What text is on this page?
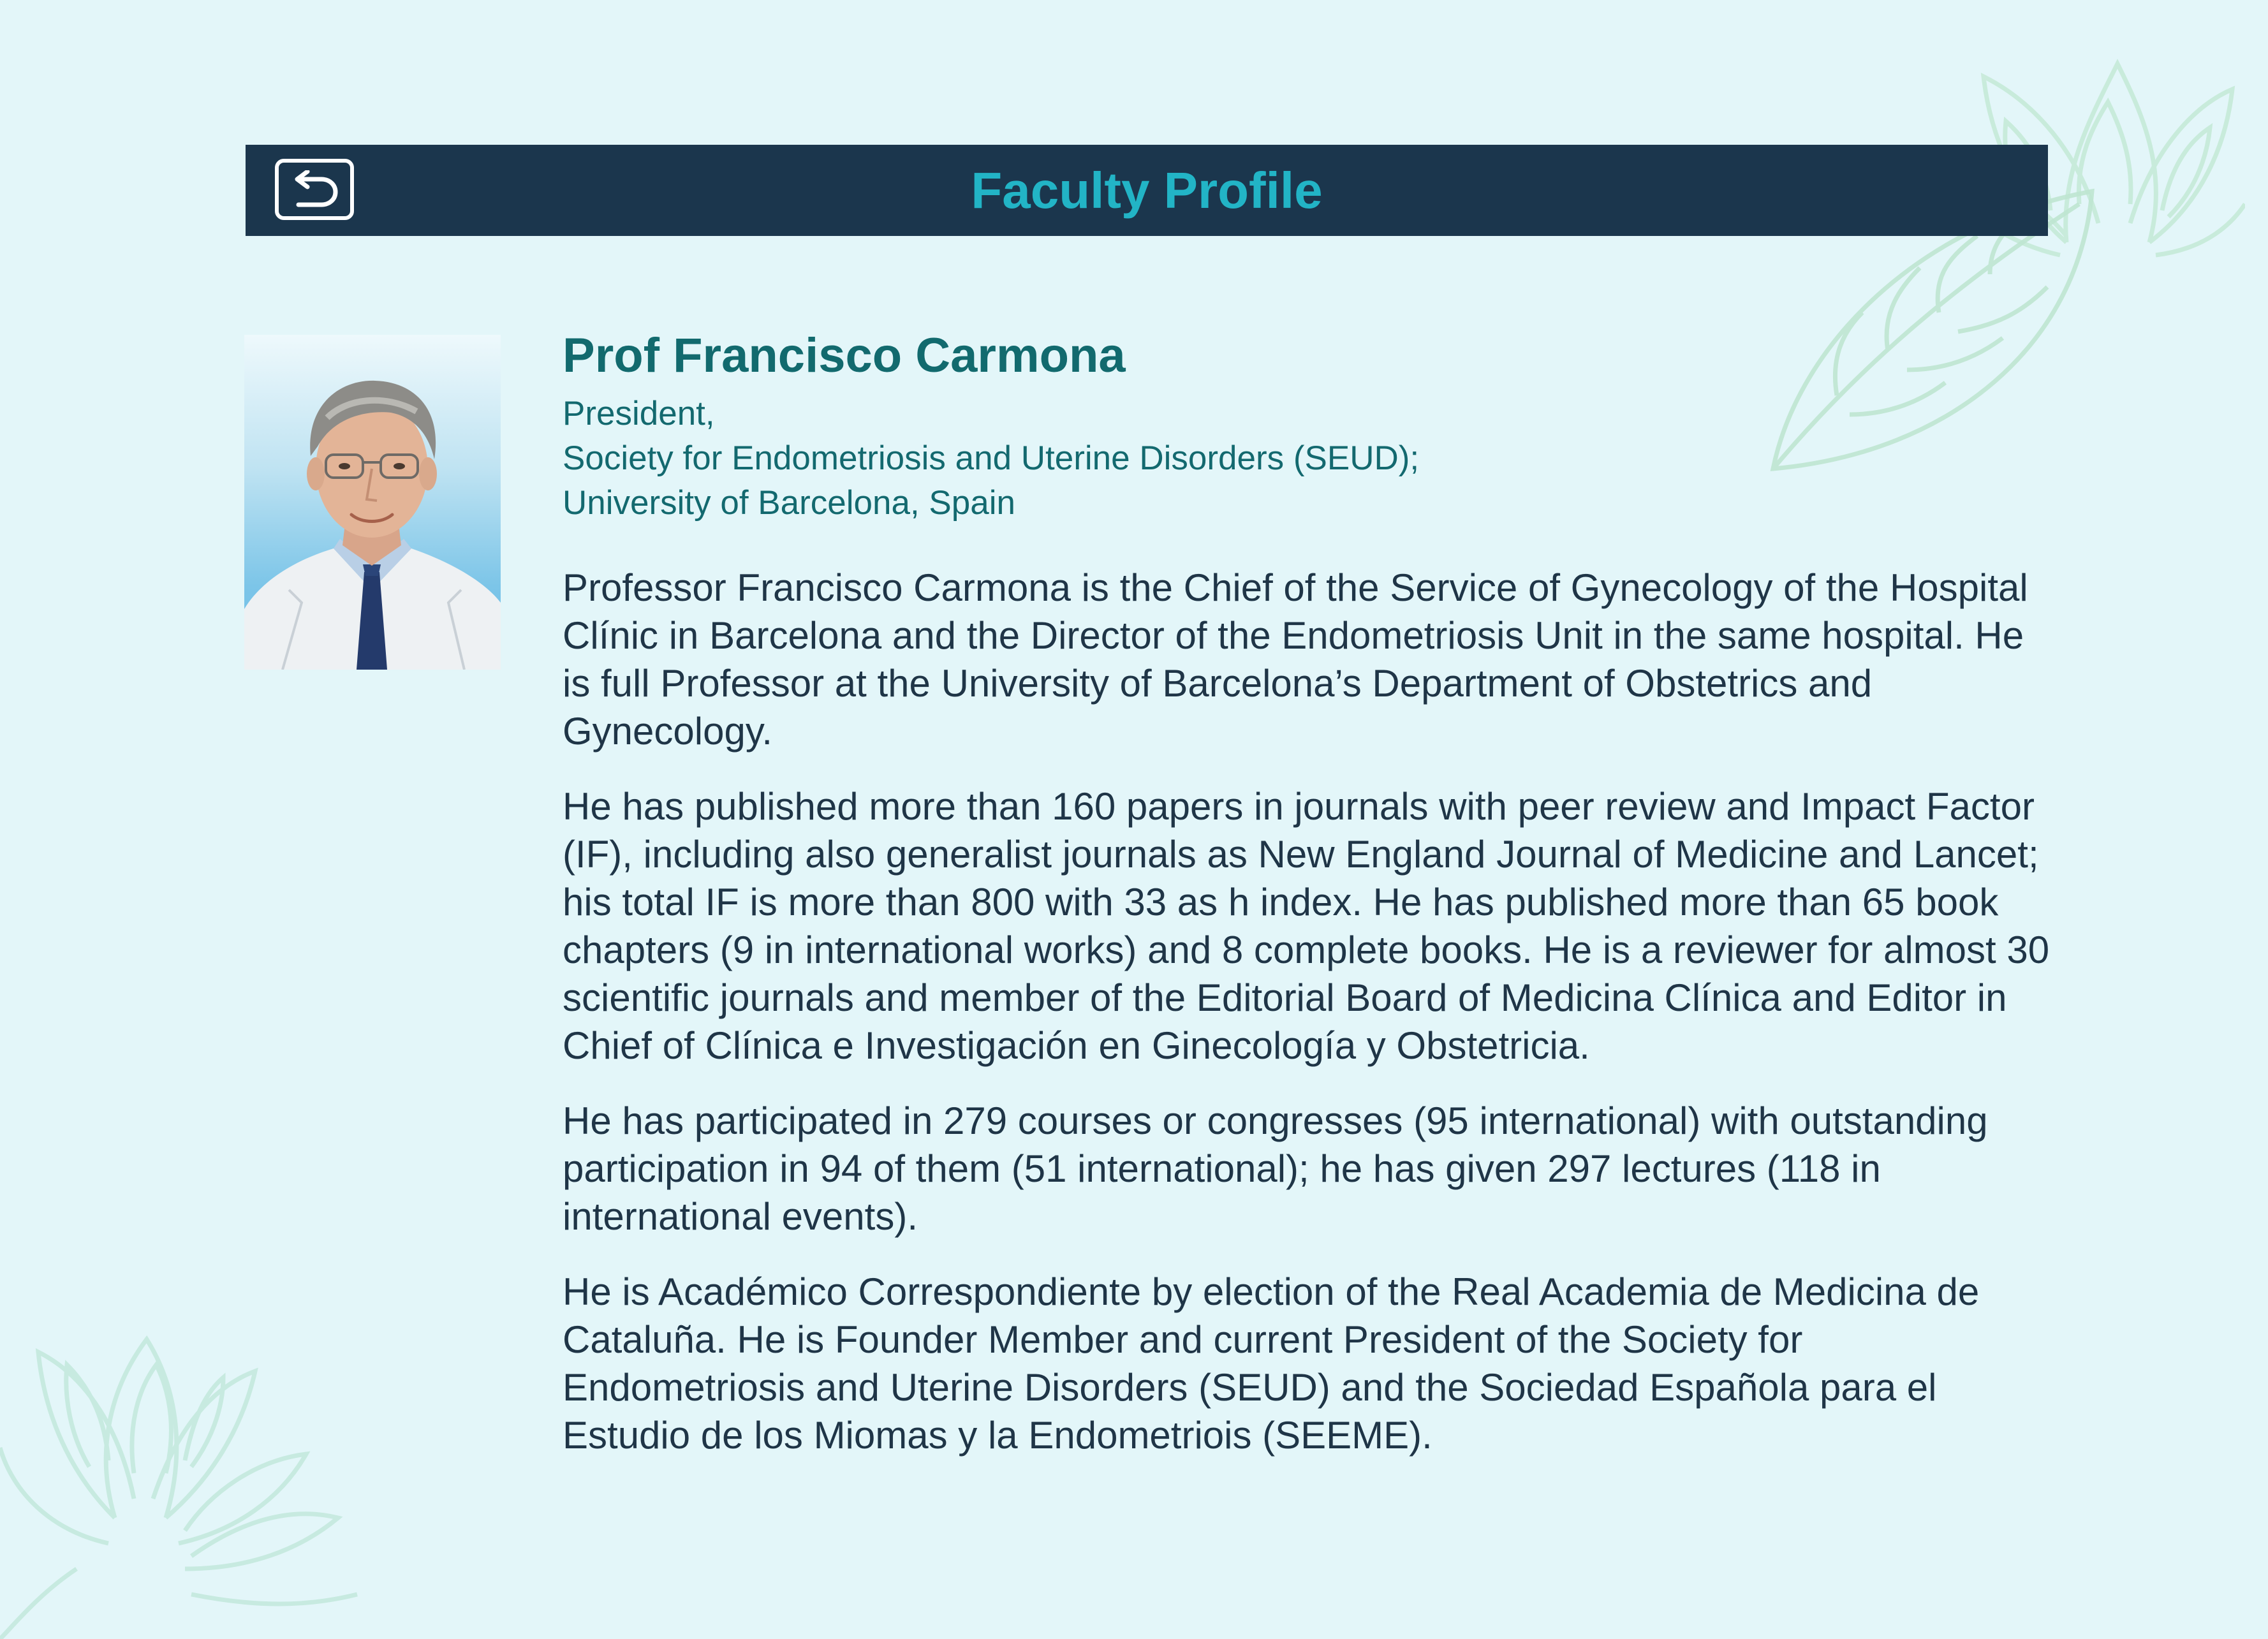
Faculty Profile
Prof Francisco Carmona
President,
Society for Endometriosis and Uterine Disorders (SEUD);
University of Barcelona, Spain

Professor Francisco Carmona is the Chief of the Service of Gynecology of the Hospital
Clínic in Barcelona and the Director of the Endometriosis Unit in the same hospital. He
is full Professor at the University of Barcelona’s Department of Obstetrics and
Gynecology.

He has published more than 160 papers in journals with peer review and Impact Factor
(IF), including also generalist journals as New England Journal of Medicine and Lancet;
his total IF is more than 800 with 33 as h index. He has published more than 65 book
chapters (9 in international works) and 8 complete books. He is a reviewer for almost 30
scientific journals and member of the Editorial Board of Medicina Clínica and Editor in
Chief of Clínica e Investigación en Ginecología y Obstetricia.

He has participated in 279 courses or congresses (95 international) with outstanding
participation in 94 of them (51 international); he has given 297 lectures (118 in
international events).

He is Académico Correspondiente by election of the Real Academia de Medicina de
Cataluña. He is Founder Member and current President of the Society for
Endometriosis and Uterine Disorders (SEUD) and the Sociedad Española para el
Estudio de los Miomas y la Endometriois (SEEME).
